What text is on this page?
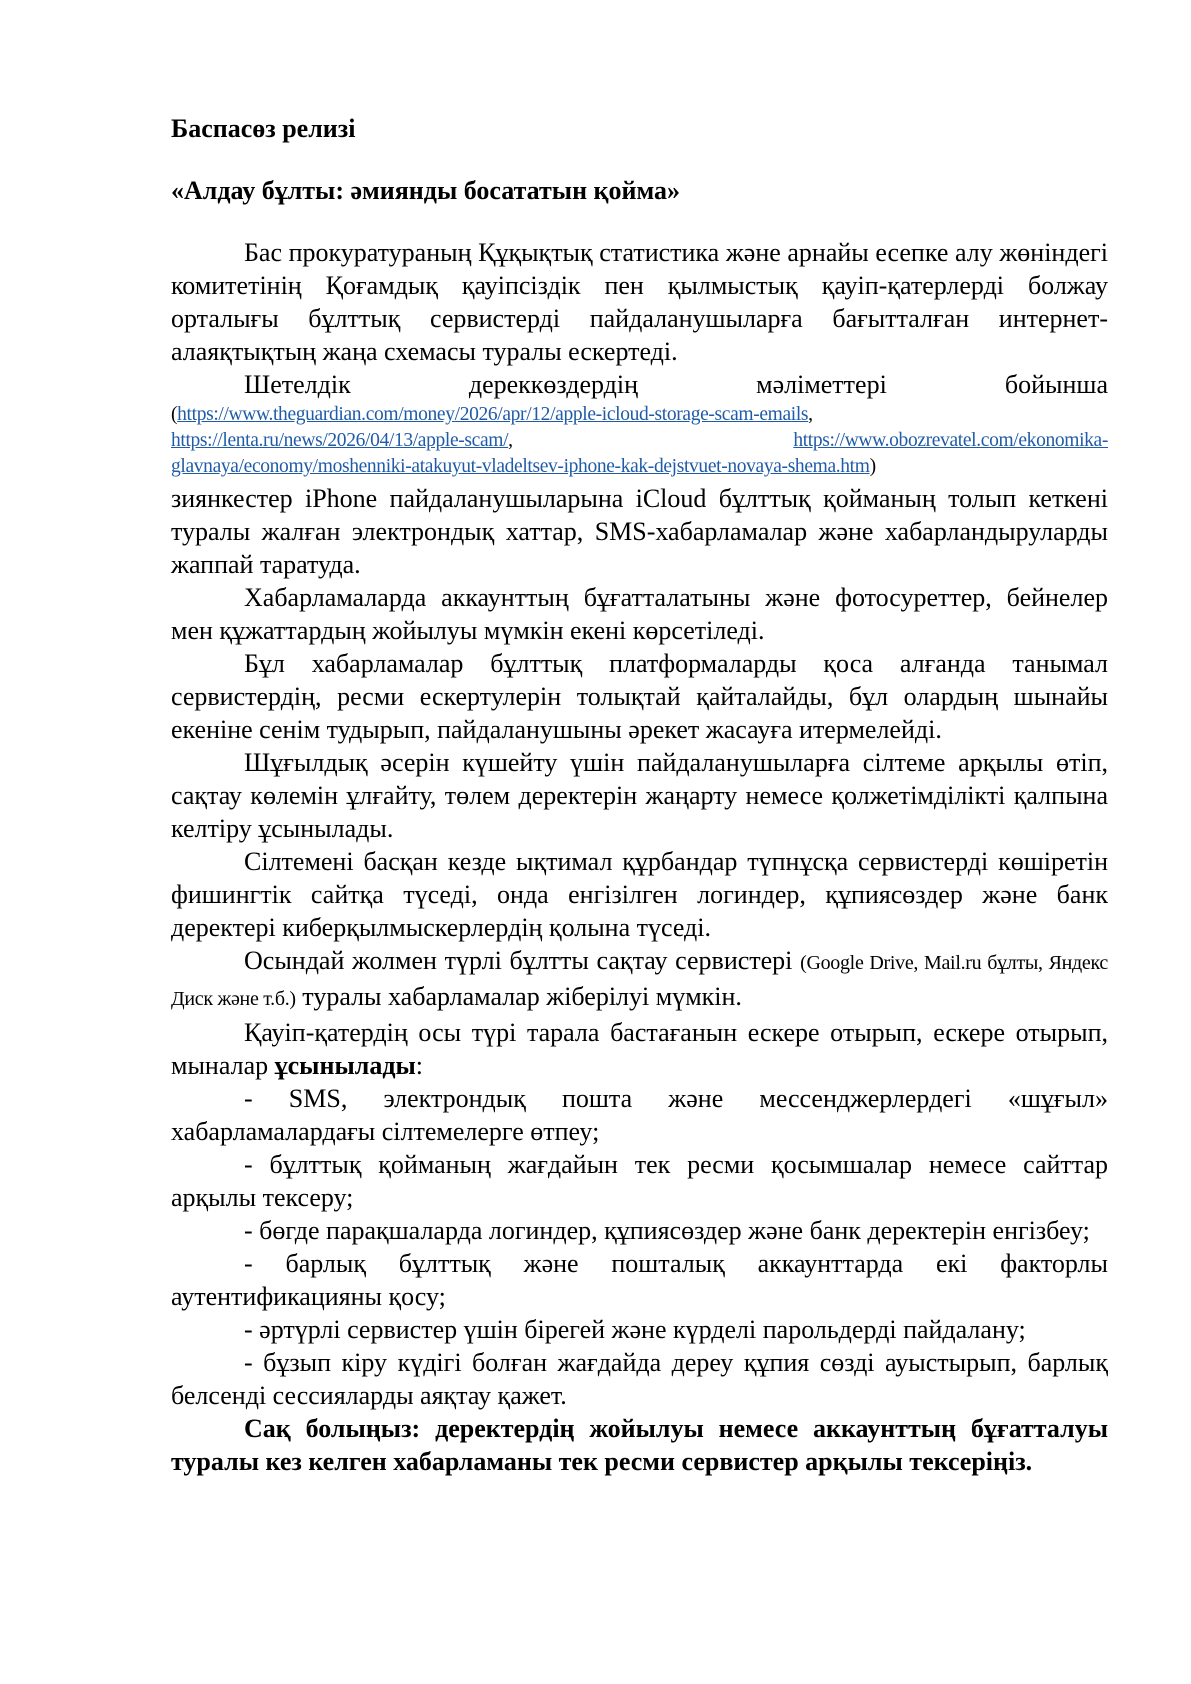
Баспасөз релизі
«Алдау бұлты: әмиянды босататын қойма»

Бас прокуратураның Құқықтық статистика және арнайы есепке алу жөніндегі комитетінің Қоғамдық қауіпсіздік пен қылмыстық қауіп-қатерлерді болжау орталығы бұлттық сервистерді пайдаланушыларға бағытталған интернет-алаяқтықтың жаңа схемасы туралы ескертеді.

Шетелдік дереккөздердің мәліметтері бойынша

(https://www.theguardian.com/money/2026/apr/12/apple-icloud-storage-scam-emails,
https://lenta.ru/news/2026/04/13/apple-scam/,	https://www.obozrevatel.com/ekonomika-
glavnaya/economy/moshenniki-atakuyut-vladeltsev-iphone-kak-dejstvuet-novaya-shema.htm)

зиянкестер iPhone пайдаланушыларына iCloud бұлттық қойманың толып кеткені туралы жалған электрондық хаттар, SMS-хабарламалар және хабарландыруларды жаппай таратуда.

Хабарламаларда аккаунттың бұғатталатыны және фотосуреттер, бейнелер мен құжаттардың жойылуы мүмкін екені көрсетіледі.

Бұл хабарламалар бұлттық платформаларды қоса алғанда танымал сервистердің, ресми ескертулерін толықтай қайталайды, бұл олардың шынайы екеніне сенім тудырып, пайдаланушыны әрекет жасауға итермелейді.

Шұғылдық әсерін күшейту үшін пайдаланушыларға сілтеме арқылы өтіп, сақтау көлемін ұлғайту, төлем деректерін жаңарту немесе қолжетімділікті қалпына келтіру ұсынылады.

Сілтемені басқан кезде ықтимал құрбандар түпнұсқа сервистерді көшіретін фишингтік сайтқа түседі, онда енгізілген логиндер, құпиясөздер және банк деректері киберқылмыскерлердің қолына түседі.

Осындай жолмен түрлі бұлтты сақтау сервистері (Google Drive, Mail.ru бұлты, Яндекс Диск және т.б.) туралы хабарламалар жіберілуі мүмкін.

Қауіп-қатердің осы түрі тарала бастағанын ескере отырып, ескере отырып, мыналар ұсынылады:

- SMS, электрондық пошта және мессенджерлердегі «шұғыл» хабарламалардағы сілтемелерге өтпеу;

- бұлттық қойманың жағдайын тек ресми қосымшалар немесе сайттар арқылы тексеру;

- бөгде парақшаларда логиндер, құпиясөздер және банк деректерін енгізбеу;

- барлық бұлттық және пошталық аккаунттарда екі факторлы аутентификацияны қосу;

- әртүрлі сервистер үшін бірегей және күрделі парольдерді пайдалану;

- бұзып кіру күдігі болған жағдайда дереу құпия сөзді ауыстырып, барлық белсенді сессияларды аяқтау қажет.

Сақ болыңыз: деректердің жойылуы немесе аккаунттың бұғатталуы туралы кез келген хабарламаны тек ресми сервистер арқылы тексеріңіз.
